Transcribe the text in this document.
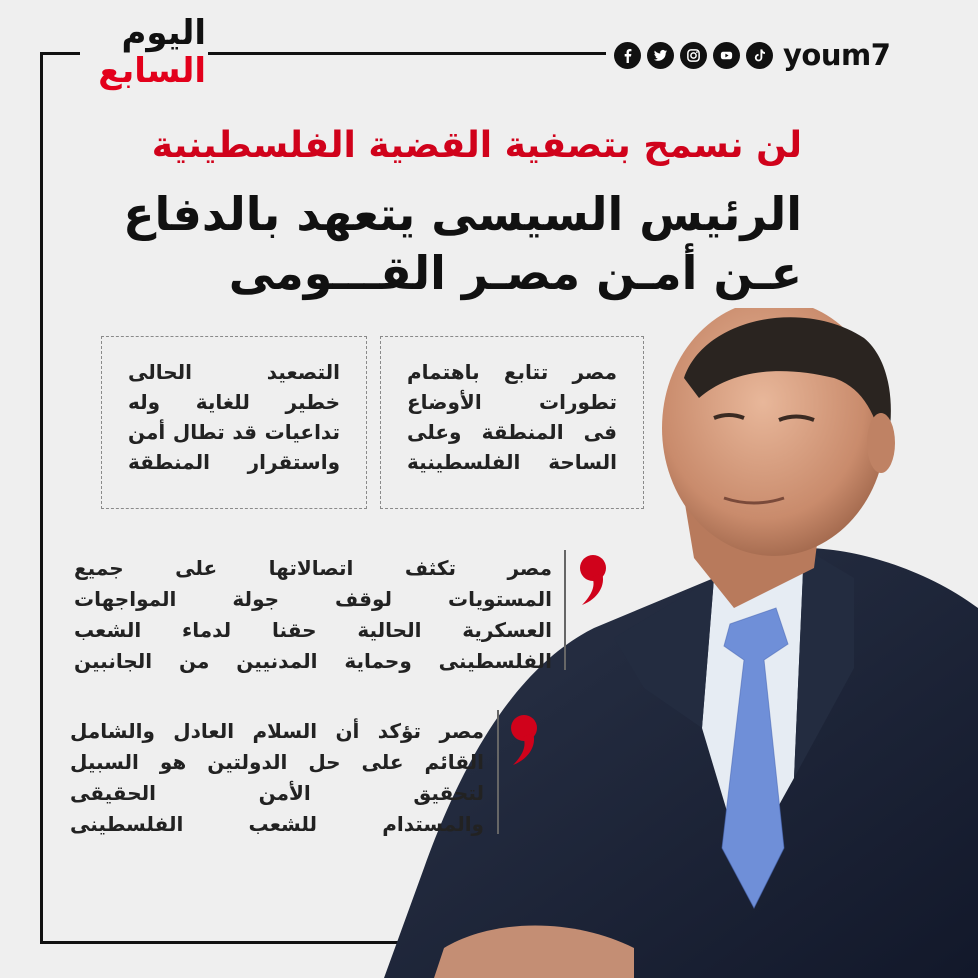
اليوم
السابع	youm7
لن نسمح بتصفية القضية الفلسطينية
الرئيس السيسى يتعهد بالدفاع
عـن أمـن مصـر القـــومى
مصر تتابع باهتمام
تطورات الأوضاع
فى المنطقة وعلى
الساحة الفلسطينية
التصعيد الحالى
خطير للغاية وله
تداعيات قد تطال أمن
واستقرار المنطقة
مصر تكثف اتصالاتها على جميع
المستويات لوقف جولة المواجهات
العسكرية الحالية حقنا لدماء الشعب
الفلسطينى وحماية المدنيين من الجانبين
مصر تؤكد أن السلام العادل والشامل
القائم على حل الدولتين هو السبيل
لتحقيق الأمن الحقيقى
والمستدام للشعب الفلسطينى
